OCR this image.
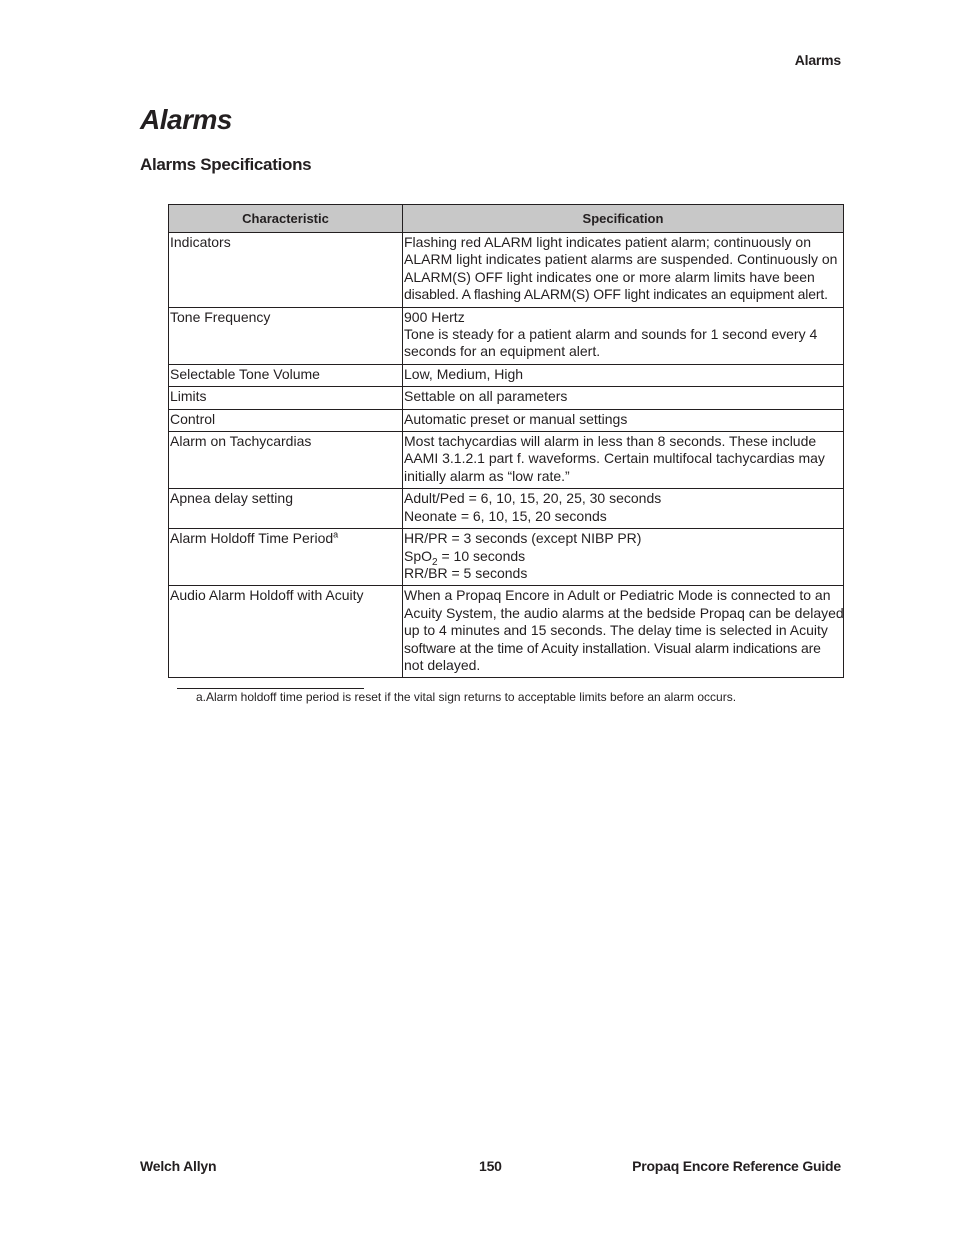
Alarms
Alarms
Alarms Specifications
Characteristic	Specification
Indicators	Flashing red ALARM light indicates patient alarm; continuously on
ALARM light indicates patient alarms are suspended. Continuously on
ALARM(S) OFF light indicates one or more alarm limits have been
disabled. A flashing ALARM(S) OFF light indicates an equipment alert.

Tone Frequency	900 Hertz
Tone is steady for a patient alarm and sounds for 1 second every 4
seconds for an equipment alert.

Selectable Tone Volume	Low, Medium, High

Limits	Settable on all parameters

Control	Automatic preset or manual settings

Alarm on Tachycardias	Most tachycardias will alarm in less than 8 seconds. These include
AAMI 3.1.2.1 part f. waveforms. Certain multifocal tachycardias may
initially alarm as “low rate.”

Apnea delay setting	Adult/Ped = 6, 10, 15, 20, 25, 30 seconds
Neonate = 6, 10, 15, 20 seconds

Alarm Holdoff Time Period$^a$	HR/PR = 3 seconds (except NIBP PR)
SpO$_2$ = 10 seconds
RR/BR = 5 seconds

Audio Alarm Holdoff with Acuity	When a Propaq Encore in Adult or Pediatric Mode is connected to an
Acuity System, the audio alarms at the bedside Propaq can be delayed
up to 4 minutes and 15 seconds. The delay time is selected in Acuity
software at the time of Acuity installation. Visual alarm indications are
not delayed.
a.Alarm holdoff time period is reset if the vital sign returns to acceptable limits before an alarm occurs.
Welch Allyn	150	Propaq Encore Reference Guide
